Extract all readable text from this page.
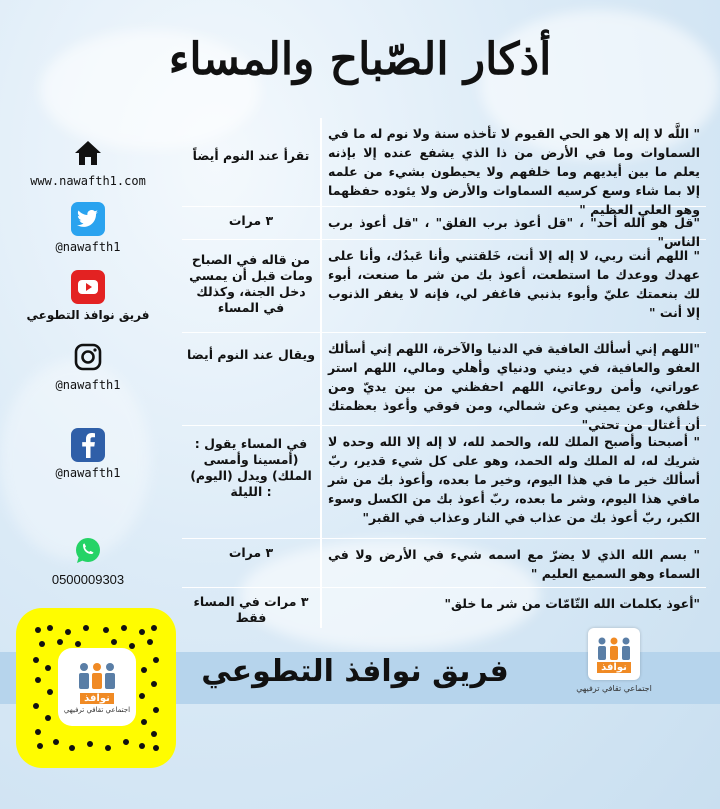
أذكار الصّباح والمساء
" اللَّه لا إله إلا هو الحي القيوم لا تأخذه سنة ولا نوم له ما في السماوات وما في الأرض من ذا الذي يشفع عنده إلا بإذنه يعلم ما بين أيديهم وما خلفهم ولا يحيطون بشيء من علمه إلا بما شاء وسع كرسيه السماوات والأرض ولا يئوده حفظهما وهو العلي العظيم "
تقرأ عند النوم أيضاً
"قل هو الله أحد" ، "قل أعوذ برب الفلق" ، "قل أعوذ برب الناس"
٣ مرات
" اللهم أنت ربي، لا إله إلا أنت، خَلقتني وأنا عَبدُك، وأنا على عهدك ووعدك ما استطعت، أعوذ بك من شر ما صنعت، أبوء لك بنعمتك عليّ وأبوء بذنبي فاغفر لي، فإنه لا يغفر الذنوب إلا أنت "
من قاله في الصباح ومات قبل أن يمسي دخل الجنة، وكذلك في المساء
"اللهم إني أسألك العافية في الدنيا والآخرة، اللهم إني أسألك العفو والعافية، في ديني ودنياي وأهلي ومالي، اللهم استر عوراتي، وأمن روعاتي، اللهم احفظني من بين يديّ ومن خلفي، وعن يميني وعن شمالي، ومن فوقي وأعوذ بعظمتك أن أغتال من تحتي"
ويقال عند النوم أيضا
" أصبحنا وأصبح الملك لله، والحمد لله، لا إله إلا الله وحده لا شريك له، له الملك وله الحمد، وهو على كل شيء قدير، ربّ أسألك خير ما في هذا اليوم، وخير ما بعده، وأعوذ بك من شر مافي هذا اليوم، وشر ما بعده، ربّ أعوذ بك من الكسل وسوء الكبر، ربّ أعوذ بك من عذاب في النار وعذاب في القبر"
في المساء يقول : (أمسينا وأمسى الملك) ويدل (اليوم) : الليلة
" بسم الله الذي لا يضرّ مع اسمه شيء في الأرض ولا في السماء وهو السميع العليم "
٣ مرات
"أعوذ بكلمات الله التّامّات من شر ما خلق"
٣ مرات في المساء فقط
www.nawafth1.com
@nawafth1
فريق نوافذ التطوعي
@nawafth1
@nawafth1
0500009303
فريق نوافذ التطوعي	نوافذ
اجتماعي تقافي ترفيهي
نوافذ
اجتماعي تقافي ترفيهي
